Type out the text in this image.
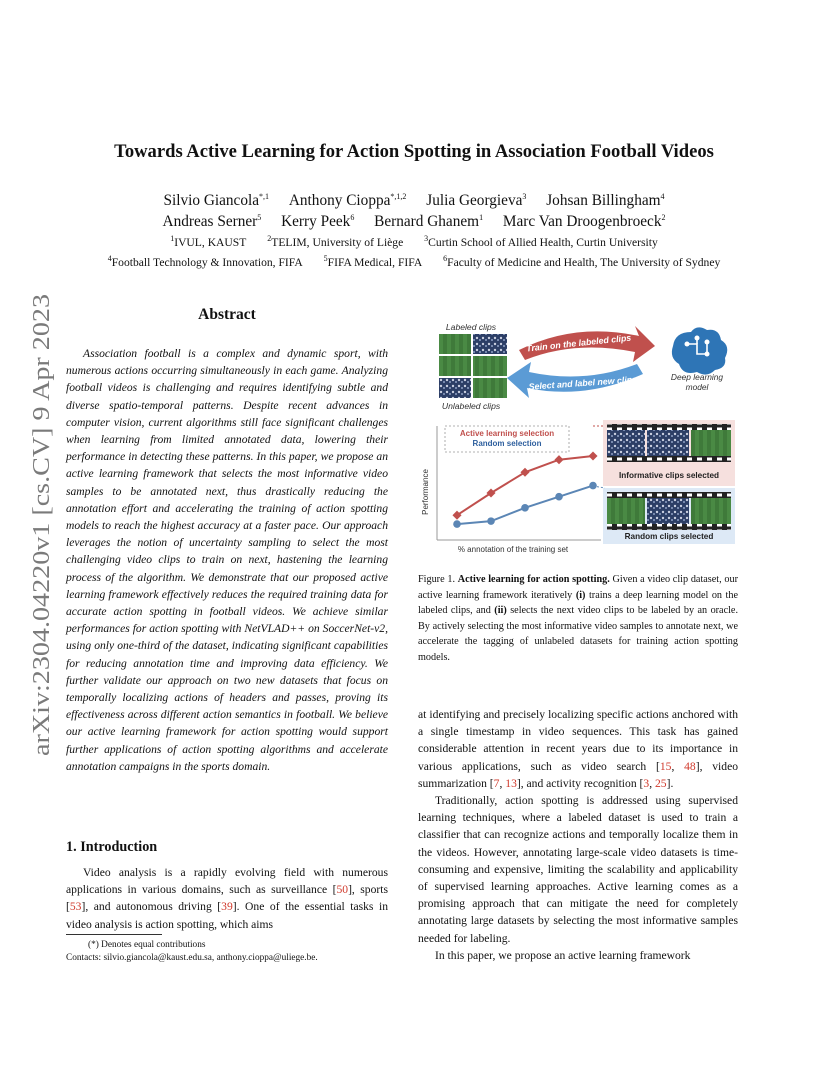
arXiv:2304.04220v1 [cs.CV] 9 Apr 2023
Towards Active Learning for Action Spotting in Association Football Videos
Silvio Giancola$^{*,1}$ Anthony Cioppa$^{*,1,2}$ Julia Georgieva$^3$ Johsan Billingham$^4$
Andreas Serner$^5$ Kerry Peek$^6$ Bernard Ghanem$^1$ Marc Van Droogenbroeck$^2$
$^1$IVUL, KAUST	$^2$TELIM, University of Liège	$^3$Curtin School of Allied Health, Curtin University
$^4$Football Technology & Innovation, FIFA	$^5$FIFA Medical, FIFA	$^6$Faculty of Medicine and Health, The University of Sydney
Abstract
Association football is a complex and dynamic sport, with numerous actions occurring simultaneously in each game. Analyzing football videos is challenging and requires identifying subtle and diverse spatio-temporal patterns. Despite recent advances in computer vision, current algorithms still face significant challenges when learning from limited annotated data, lowering their performance in detecting these patterns. In this paper, we propose an active learning framework that selects the most informative video samples to be annotated next, thus drastically reducing the annotation effort and accelerating the training of action spotting models to reach the highest accuracy at a faster pace. Our approach leverages the notion of uncertainty sampling to select the most challenging video clips to train on next, hastening the learning process of the algorithm. We demonstrate that our proposed active learning framework effectively reduces the required training data for accurate action spotting in football videos. We achieve similar performances for action spotting with NetVLAD++ on SoccerNet-v2, using only one-third of the dataset, indicating significant capabilities for reducing annotation time and improving data efficiency. We further validate our approach on two new datasets that focus on temporally localizing actions of headers and passes, proving its effectiveness across different action semantics in football. We believe our active learning framework for action spotting would support further applications of action spotting algorithms and accelerate annotation campaigns in the sports domain.
1. Introduction
Video analysis is a rapidly evolving field with numerous applications in various domains, such as surveillance [50], sports [53], and autonomous driving [39]. One of the essential tasks in video analysis is action spotting, which aims
(*) Denotes equal contributions
Contacts: silvio.giancola@kaust.edu.sa, anthony.cioppa@uliege.be.
Labeled clips
Unlabeled clips
Train on the labeled clips
Select and label new clips	Deep learning
model
Performance
% annotation of the training set
Active learning selection
Random selection
Informative clips selected
Random clips selected
Figure 1. Active learning for action spotting. Given a video clip dataset, our active learning framework iteratively (i) trains a deep learning model on the labeled clips, and (ii) selects the next video clips to be labeled by an oracle. By actively selecting the most informative video samples to annotate next, we accelerate the tagging of unlabeled datasets for training action spotting models.

at identifying and precisely localizing specific actions anchored with a single timestamp in video sequences. This task has gained considerable attention in recent years due to its importance in various applications, such as video search [15, 48], video summarization [7, 13], and activity recognition [3, 25].

Traditionally, action spotting is addressed using supervised learning techniques, where a labeled dataset is used to train a classifier that can recognize actions and temporally localize them in the videos. However, annotating large-scale video datasets is time-consuming and expensive, limiting the scalability and applicability of supervised learning approaches. Active learning comes as a promising approach that can mitigate the need for completely annotating large datasets by selecting the most informative samples needed for labeling.

In this paper, we propose an active learning framework
